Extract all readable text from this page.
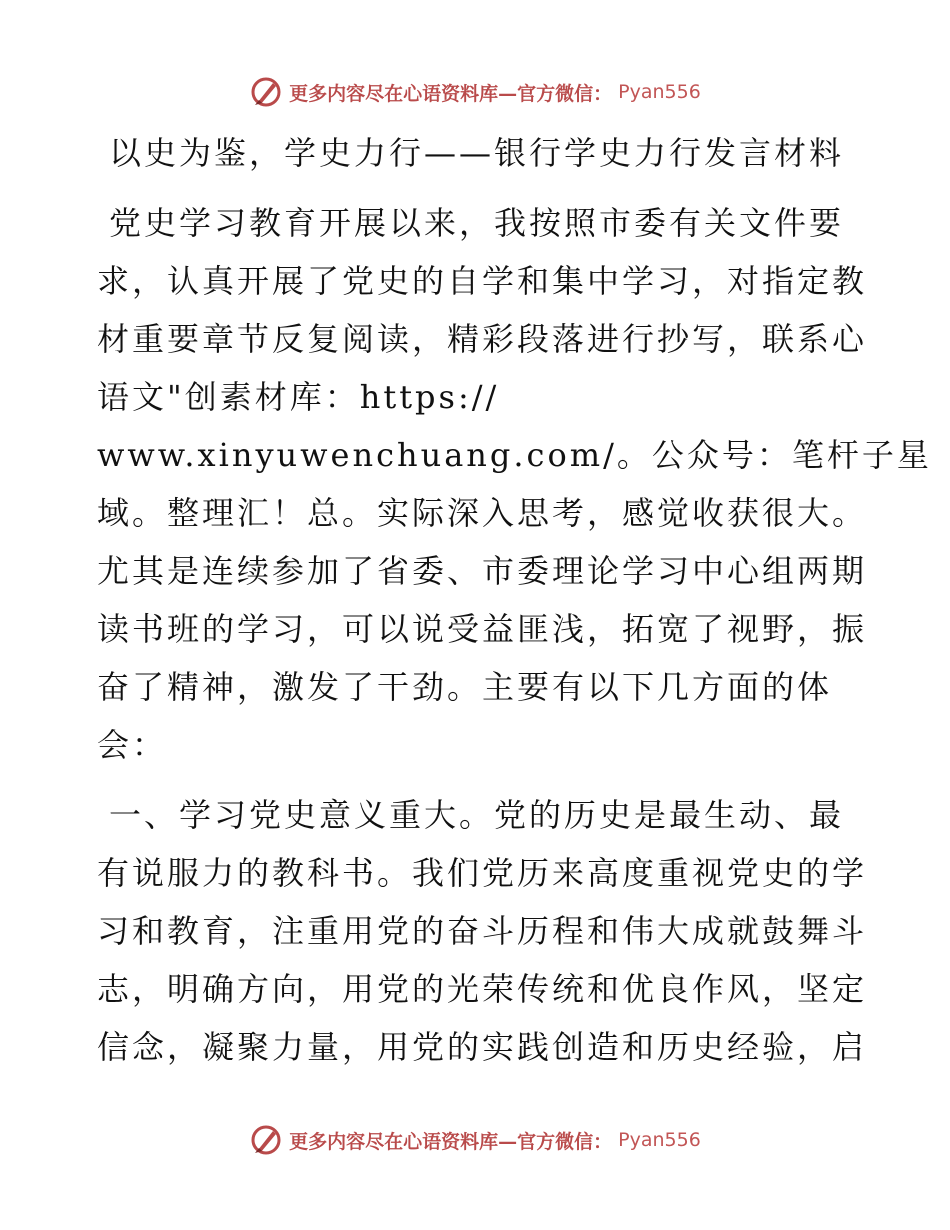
更多内容尽在心语资料库—官方微信： Pyan556
以史为鉴，学史力行——银行学史力行发言材料
党史学习教育开展以来，我按照市委有关文件要
求，认真开展了党史的自学和集中学习，对指定教
材重要章节反复阅读，精彩段落进行抄写，联系心
语文"创素材库：https://
www.xinyuwenchuang.com/。公众号：笔杆子星
域。整理汇！总。实际深入思考，感觉收获很大。
尤其是连续参加了省委、市委理论学习中心组两期
读书班的学习，可以说受益匪浅，拓宽了视野，振
奋了精神，激发了干劲。主要有以下几方面的体
会：
一、学习党史意义重大。党的历史是最生动、最
有说服力的教科书。我们党历来高度重视党史的学
习和教育，注重用党的奋斗历程和伟大成就鼓舞斗
志，明确方向，用党的光荣传统和优良作风，坚定
信念，凝聚力量，用党的实践创造和历史经验，启
更多内容尽在心语资料库—官方微信： Pyan556
